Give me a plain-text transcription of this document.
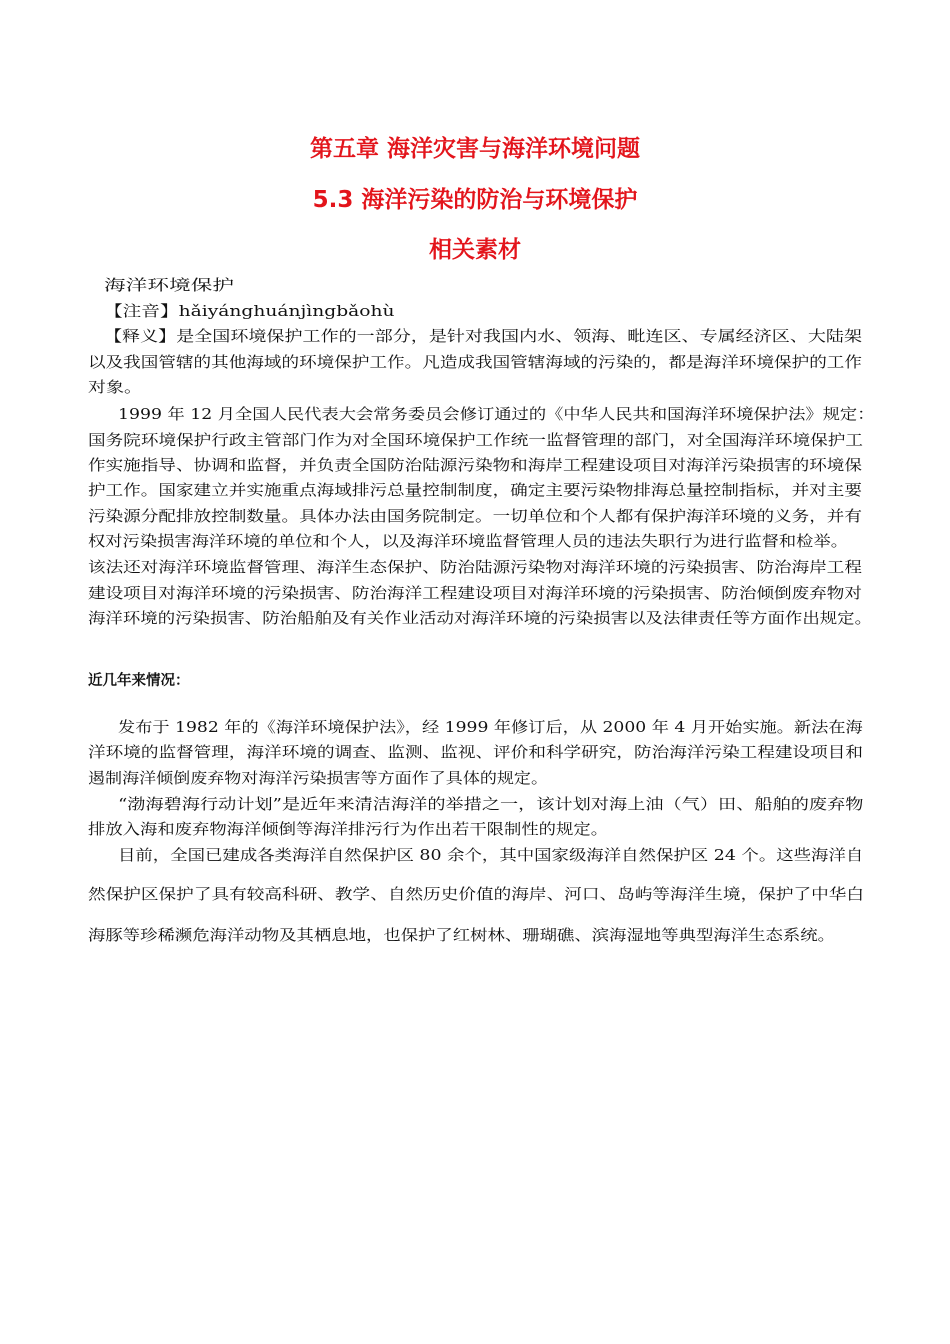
第五章 海洋灾害与海洋环境问题
5.3 海洋污染的防治与环境保护
相关素材
海洋环境保护
【注音】hǎiyánghuánjìngbǎohù
【释义】是全国环境保护工作的一部分，是针对我国内水、领海、毗连区、专属经济区、大陆架
以及我国管辖的其他海域的环境保护工作。凡造成我国管辖海域的污染的，都是海洋环境保护的工作
对象。
1999 年 12 月全国人民代表大会常务委员会修订通过的《中华人民共和国海洋环境保护法》规定：
国务院环境保护行政主管部门作为对全国环境保护工作统一监督管理的部门，对全国海洋环境保护工
作实施指导、协调和监督，并负责全国防治陆源污染物和海岸工程建设项目对海洋污染损害的环境保
护工作。国家建立并实施重点海域排污总量控制制度，确定主要污染物排海总量控制指标，并对主要
污染源分配排放控制数量。具体办法由国务院制定。一切单位和个人都有保护海洋环境的义务，并有
权对污染损害海洋环境的单位和个人，以及海洋环境监督管理人员的违法失职行为进行监督和检举。
该法还对海洋环境监督管理、海洋生态保护、防治陆源污染物对海洋环境的污染损害、防治海岸工程
建设项目对海洋环境的污染损害、防治海洋工程建设项目对海洋环境的污染损害、防治倾倒废弃物对
海洋环境的污染损害、防治船舶及有关作业活动对海洋环境的污染损害以及法律责任等方面作出规定。
近几年来情况：
发布于 1982 年的《海洋环境保护法》，经 1999 年修订后，从 2000 年 4 月开始实施。新法在海
洋环境的监督管理，海洋环境的调查、监测、监视、评价和科学研究，防治海洋污染工程建设项目和
遏制海洋倾倒废弃物对海洋污染损害等方面作了具体的规定。
“渤海碧海行动计划”是近年来清洁海洋的举措之一，该计划对海上油（气）田、船舶的废弃物
排放入海和废弃物海洋倾倒等海洋排污行为作出若干限制性的规定。
目前，全国已建成各类海洋自然保护区 80 余个，其中国家级海洋自然保护区 24 个。这些海洋自
然保护区保护了具有较高科研、教学、自然历史价值的海岸、河口、岛屿等海洋生境，保护了中华白
海豚等珍稀濒危海洋动物及其栖息地，也保护了红树林、珊瑚礁、滨海湿地等典型海洋生态系统。
